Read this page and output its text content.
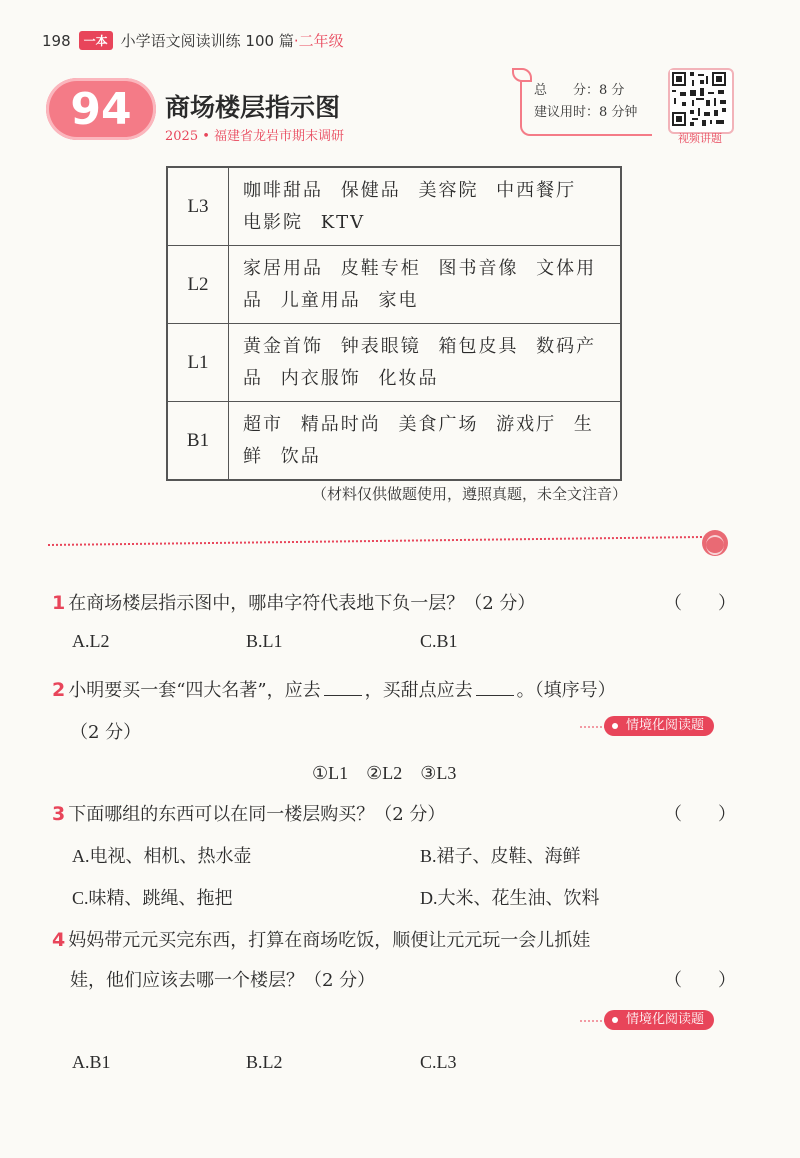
198	一本 小学语文阅读训练 100 篇·二年级
94	商场楼层指示图
2025 • 福建省龙岩市期末调研
总　　分：8 分
建议用时：8 分钟
视频讲题
L3	咖啡甜品 保健品 美容院 中西餐厅 电影院 KTV
L2	家居用品 皮鞋专柜 图书音像 文体用品 儿童用品 家电
L1	黄金首饰 钟表眼镜 箱包皮具 数码产品 内衣服饰 化妆品
B1	超市 精品时尚 美食广场 游戏厅 生鲜 饮品
（材料仅供做题使用，遵照真题，未全文注音）
1 在商场楼层指示图中，哪串字符代表地下负一层？（2 分）	（　　）
A.L2	B.L1	C.B1
2 小明要买一套“四大名著”，应去 ，买甜点应去 。（填序号）
（2 分）	情境化阅读题
①L1　②L2　③L3
3 下面哪组的东西可以在同一楼层购买？（2 分）	（　　）
A.电视、相机、热水壶	B.裙子、皮鞋、海鲜
C.味精、跳绳、拖把	D.大米、花生油、饮料
4 妈妈带元元买完东西，打算在商场吃饭，顺便让元元玩一会儿抓娃
娃，他们应该去哪一个楼层？（2 分）	（　　）
情境化阅读题
A.B1	B.L2	C.L3
